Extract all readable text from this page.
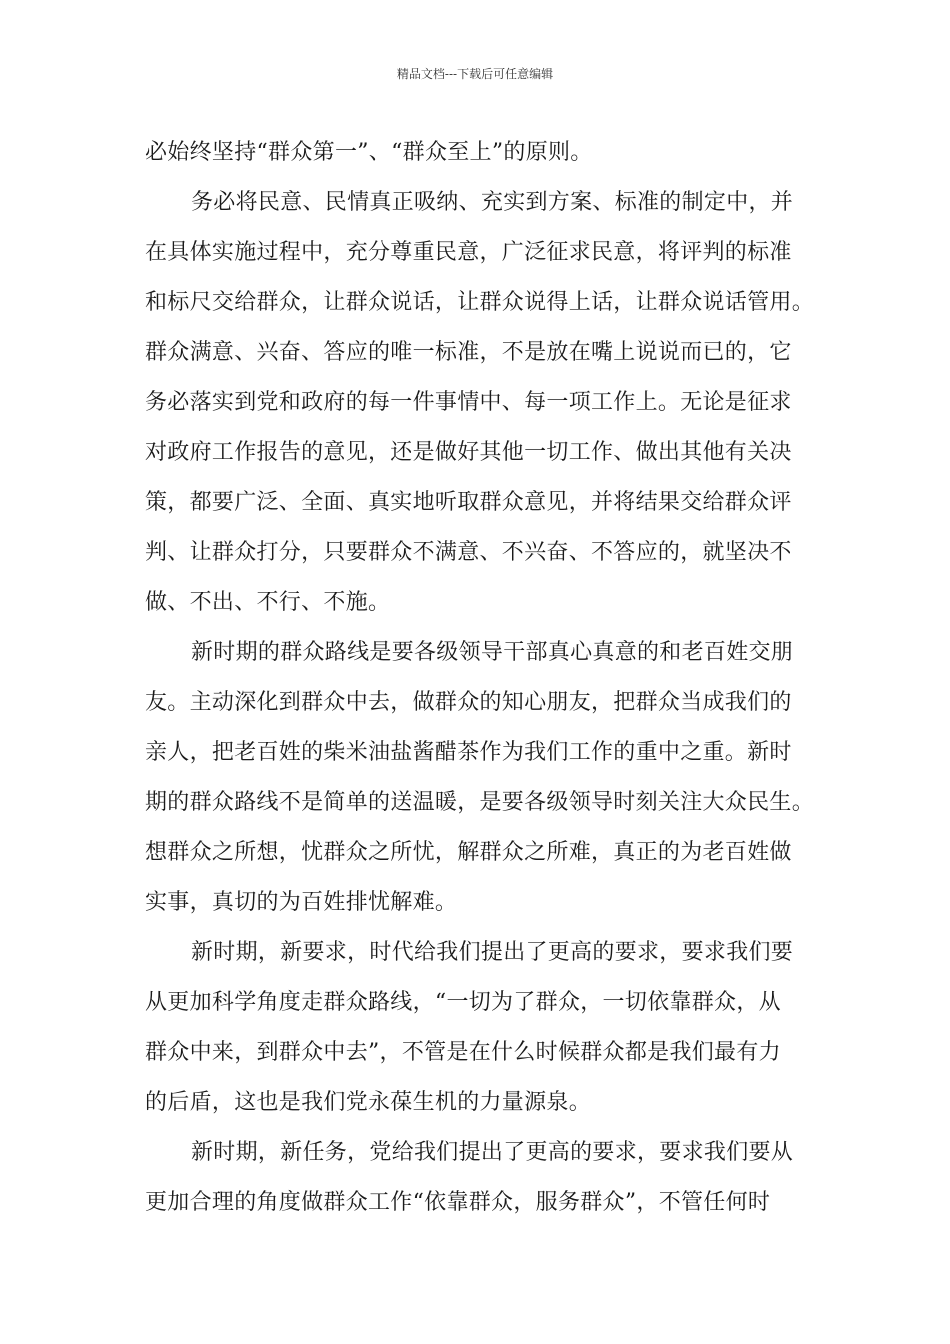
精品文档---下载后可任意编辑
必始终坚持“群众第一”、“群众至上”的原则。
务必将民意、民情真正吸纳、充实到方案、标准的制定中，并
在具体实施过程中，充分尊重民意，广泛征求民意，将评判的标准
和标尺交给群众，让群众说话，让群众说得上话，让群众说话管用。
群众满意、兴奋、答应的唯一标准，不是放在嘴上说说而已的，它
务必落实到党和政府的每一件事情中、每一项工作上。无论是征求
对政府工作报告的意见，还是做好其他一切工作、做出其他有关决
策，都要广泛、全面、真实地听取群众意见，并将结果交给群众评
判、让群众打分，只要群众不满意、不兴奋、不答应的，就坚决不
做、不出、不行、不施。
新时期的群众路线是要各级领导干部真心真意的和老百姓交朋
友。主动深化到群众中去，做群众的知心朋友，把群众当成我们的
亲人，把老百姓的柴米油盐酱醋茶作为我们工作的重中之重。新时
期的群众路线不是简单的送温暖，是要各级领导时刻关注大众民生。
想群众之所想，忧群众之所忧，解群众之所难，真正的为老百姓做
实事，真切的为百姓排忧解难。
新时期，新要求，时代给我们提出了更高的要求，要求我们要
从更加科学角度走群众路线，“一切为了群众，一切依靠群众，从
群众中来，到群众中去”，不管是在什么时候群众都是我们最有力
的后盾，这也是我们党永葆生机的力量源泉。
新时期，新任务，党给我们提出了更高的要求，要求我们要从
更加合理的角度做群众工作“依靠群众，服务群众”，不管任何时
